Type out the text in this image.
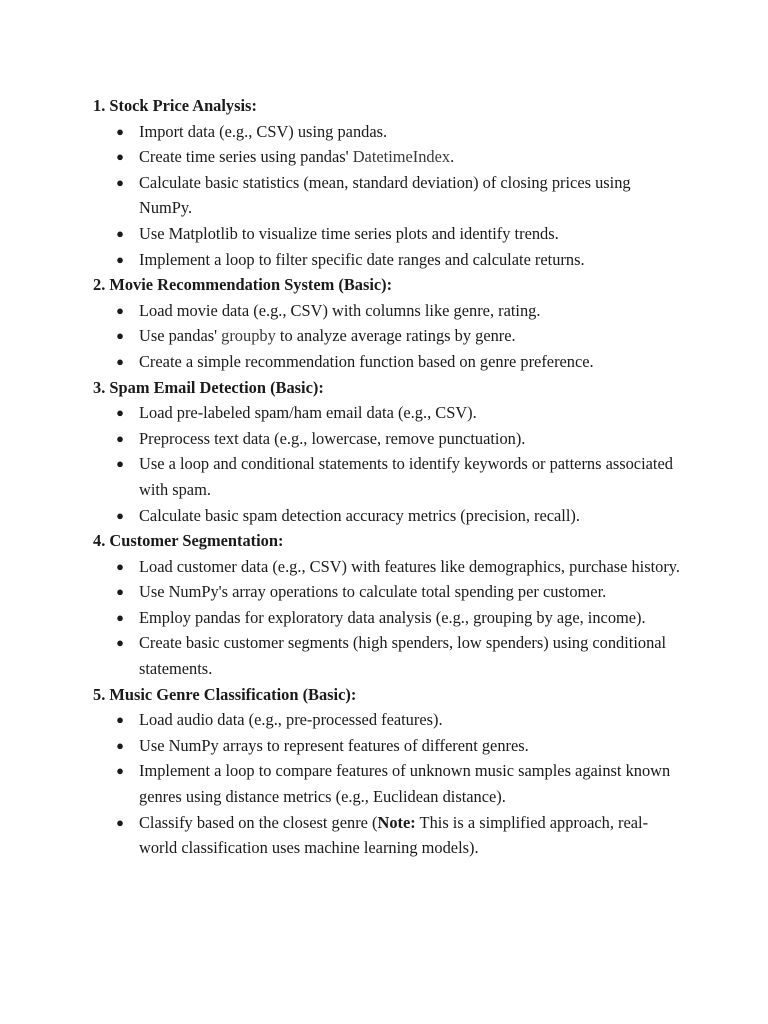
1. Stock Price Analysis:
● Import data (e.g., CSV) using pandas.
● Create time series using pandas' DatetimeIndex.
● Calculate basic statistics (mean, standard deviation) of closing prices using NumPy.
● Use Matplotlib to visualize time series plots and identify trends.
● Implement a loop to filter specific date ranges and calculate returns.
2. Movie Recommendation System (Basic):
● Load movie data (e.g., CSV) with columns like genre, rating.
● Use pandas' groupby to analyze average ratings by genre.
● Create a simple recommendation function based on genre preference.
3. Spam Email Detection (Basic):
● Load pre-labeled spam/ham email data (e.g., CSV).
● Preprocess text data (e.g., lowercase, remove punctuation).
● Use a loop and conditional statements to identify keywords or patterns associated with spam.
● Calculate basic spam detection accuracy metrics (precision, recall).
4. Customer Segmentation:
● Load customer data (e.g., CSV) with features like demographics, purchase history.
● Use NumPy's array operations to calculate total spending per customer.
● Employ pandas for exploratory data analysis (e.g., grouping by age, income).
● Create basic customer segments (high spenders, low spenders) using conditional statements.
5. Music Genre Classification (Basic):
● Load audio data (e.g., pre-processed features).
● Use NumPy arrays to represent features of different genres.
● Implement a loop to compare features of unknown music samples against known genres using distance metrics (e.g., Euclidean distance).
● Classify based on the closest genre (Note: This is a simplified approach, real-world classification uses machine learning models).
